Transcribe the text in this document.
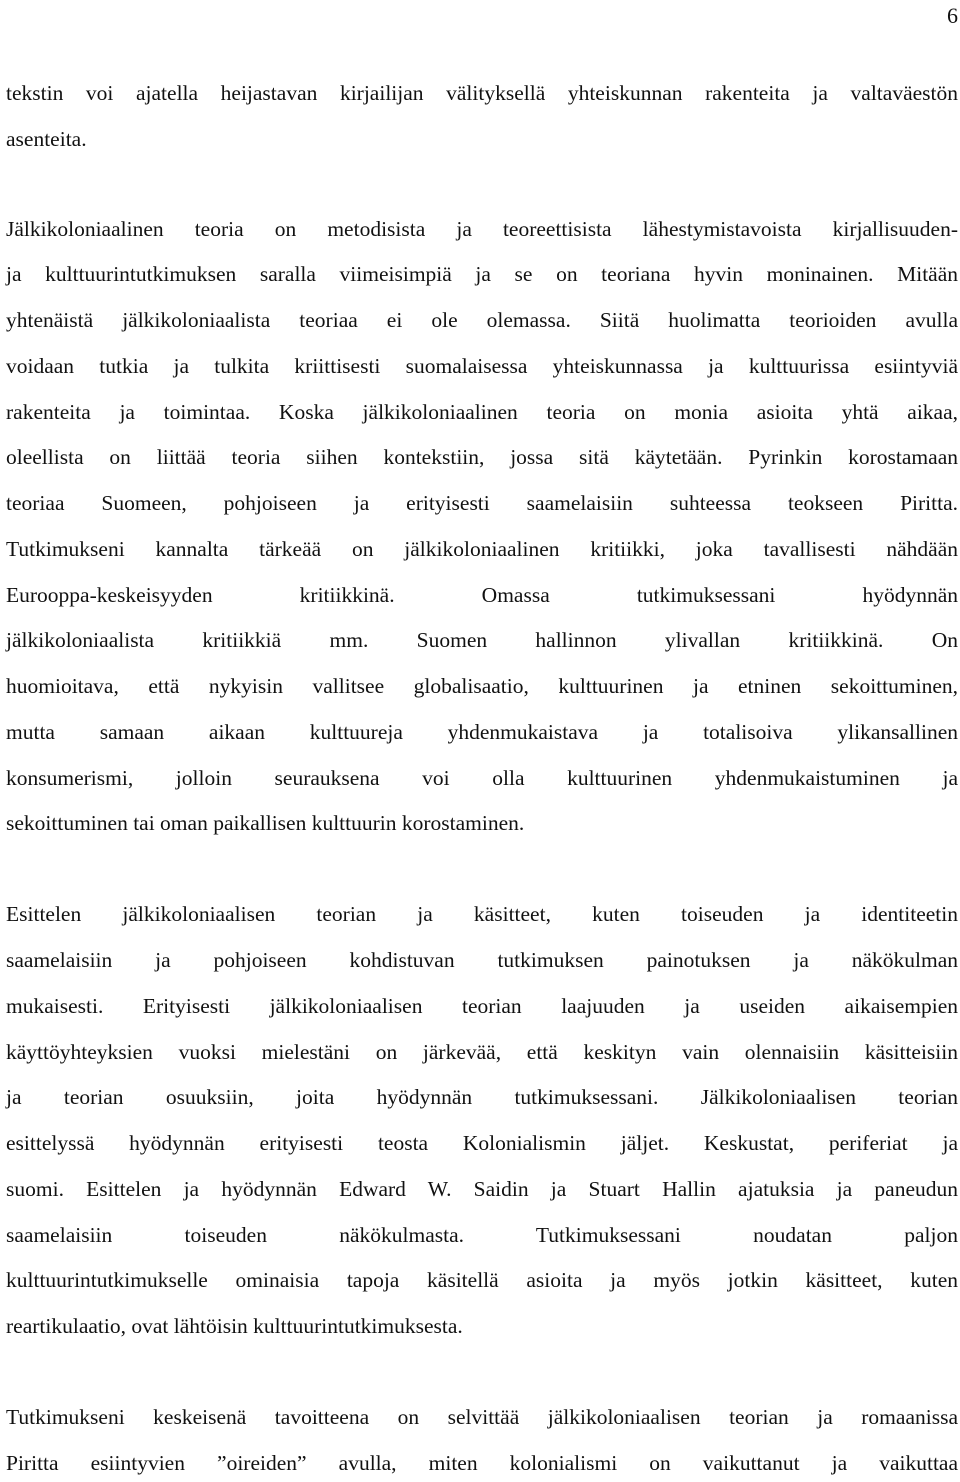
6
tekstin voi ajatella heijastavan kirjailijan välityksellä yhteiskunnan rakenteita ja valtaväestön
asenteita.
Jälkikoloniaalinen teoria on metodisista ja teoreettisista lähestymistavoista kirjallisuuden-
ja kulttuurintutkimuksen saralla viimeisimpiä ja se on teoriana hyvin moninainen. Mitään
yhtenäistä jälkikoloniaalista teoriaa ei ole olemassa. Siitä huolimatta teorioiden avulla
voidaan tutkia ja tulkita kriittisesti suomalaisessa yhteiskunnassa ja kulttuurissa esiintyviä
rakenteita ja toimintaa. Koska jälkikoloniaalinen teoria on monia asioita yhtä aikaa,
oleellista on liittää teoria siihen kontekstiin, jossa sitä käytetään. Pyrinkin korostamaan
teoriaa Suomeen, pohjoiseen ja erityisesti saamelaisiin suhteessa teokseen Piritta.
Tutkimukseni kannalta tärkeää on jälkikoloniaalinen kritiikki, joka tavallisesti nähdään
Eurooppa-keskeisyyden kritiikkinä. Omassa tutkimuksessani hyödynnän
jälkikoloniaalista kritiikkiä mm. Suomen hallinnon ylivallan kritiikkinä. On
huomioitava, että nykyisin vallitsee globalisaatio, kulttuurinen ja etninen sekoittuminen,
mutta samaan aikaan kulttuureja yhdenmukaistava ja totalisoiva ylikansallinen
konsumerismi, jolloin seurauksena voi olla kulttuurinen yhdenmukaistuminen ja
sekoittuminen tai oman paikallisen kulttuurin korostaminen.
Esittelen jälkikoloniaalisen teorian ja käsitteet, kuten toiseuden ja identiteetin
saamelaisiin ja pohjoiseen kohdistuvan tutkimuksen painotuksen ja näkökulman
mukaisesti. Erityisesti jälkikoloniaalisen teorian laajuuden ja useiden aikaisempien
käyttöyhteyksien vuoksi mielestäni on järkevää, että keskityn vain olennaisiin käsitteisiin
ja teorian osuuksiin, joita hyödynnän tutkimuksessani. Jälkikoloniaalisen teorian
esittelyssä hyödynnän erityisesti teosta Kolonialismin jäljet. Keskustat, periferiat ja
suomi. Esittelen ja hyödynnän Edward W. Saidin ja Stuart Hallin ajatuksia ja paneudun
saamelaisiin toiseuden näkökulmasta. Tutkimuksessani noudatan paljon
kulttuurintutkimukselle ominaisia tapoja käsitellä asioita ja myös jotkin käsitteet, kuten
reartikulaatio, ovat lähtöisin kulttuurintutkimuksesta.
Tutkimukseni keskeisenä tavoitteena on selvittää jälkikoloniaalisen teorian ja romaanissa
Piritta esiintyvien ”oireiden” avulla, miten kolonialismi on vaikuttanut ja vaikuttaa
